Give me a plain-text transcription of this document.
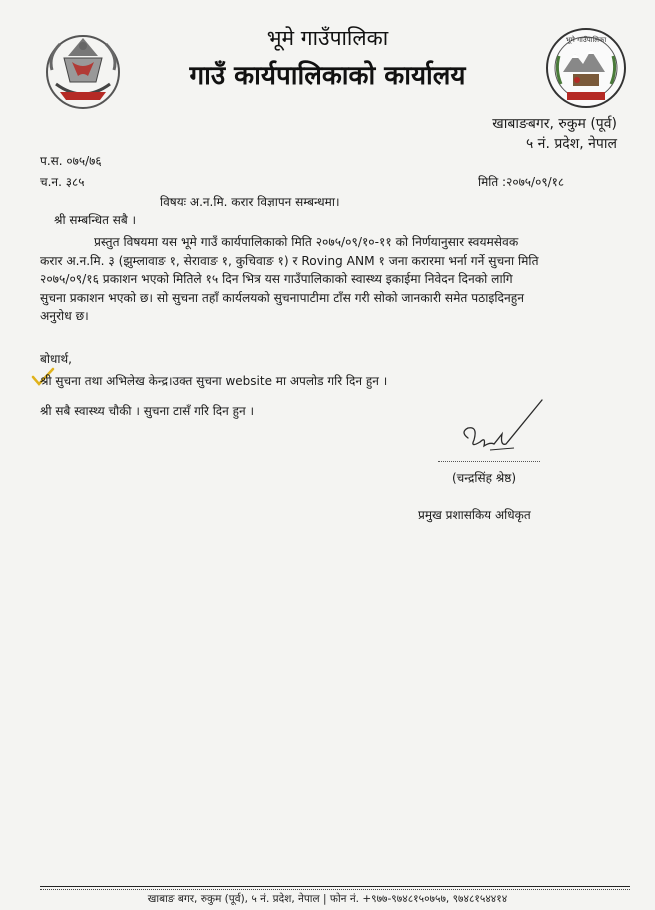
भूमे गाउँपालिका
भूमे गाउँपालिका
गाउँ कार्यपालिकाको कार्यालय
खाबाङबगर, रुकुम (पूर्व)
५ नं. प्रदेश, नेपाल
प.स. ०७५/७६
च.न. ३८५	मिति :२०७५/०९/१८
विषयः अ.न.मि. करार विज्ञापन सम्बन्धमा।
श्री सम्बन्धित सबै ।
प्रस्तुत विषयमा यस भूमे गाउँ कार्यपालिकाको मिति २०७५/०९/१०-११ को निर्णयानुसार स्वयमसेवक
करार अ.न.मि. ३ (झुम्लावाङ १, सेरावाङ १, कुचिवाङ १) र Roving ANM १ जना करारमा भर्ना गर्ने सुचना मिति
२०७५/०९/१६ प्रकाशन भएको मितिले १५ दिन भित्र यस गाउँपालिकाको स्वास्थ्य इकाईमा निवेदन दिनको लागि
सुचना प्रकाशन भएको छ। सो सुचना तहाँ कार्यलयको सुचनापाटीमा टाँस गरी सोको जानकारी समेत पठाइदिनहुन
अनुरोध छ।
बोधार्थ,
श्री सुचना तथा अभिलेख केन्द्र।उक्त सुचना website मा अपलोड गरि दिन हुन ।
श्री सबै स्वास्थ्य चौकी । सुचना टासँ गरि दिन हुन ।
(चन्द्रसिंह श्रेष्ठ)
प्रमुख प्रशासकिय अधिकृत
खाबाङ बगर, रुकुम (पूर्व), ५ नं. प्रदेश, नेपाल | फोन नं. +९७७-९७४८१५०७५७, ९७४८१५४४१४
